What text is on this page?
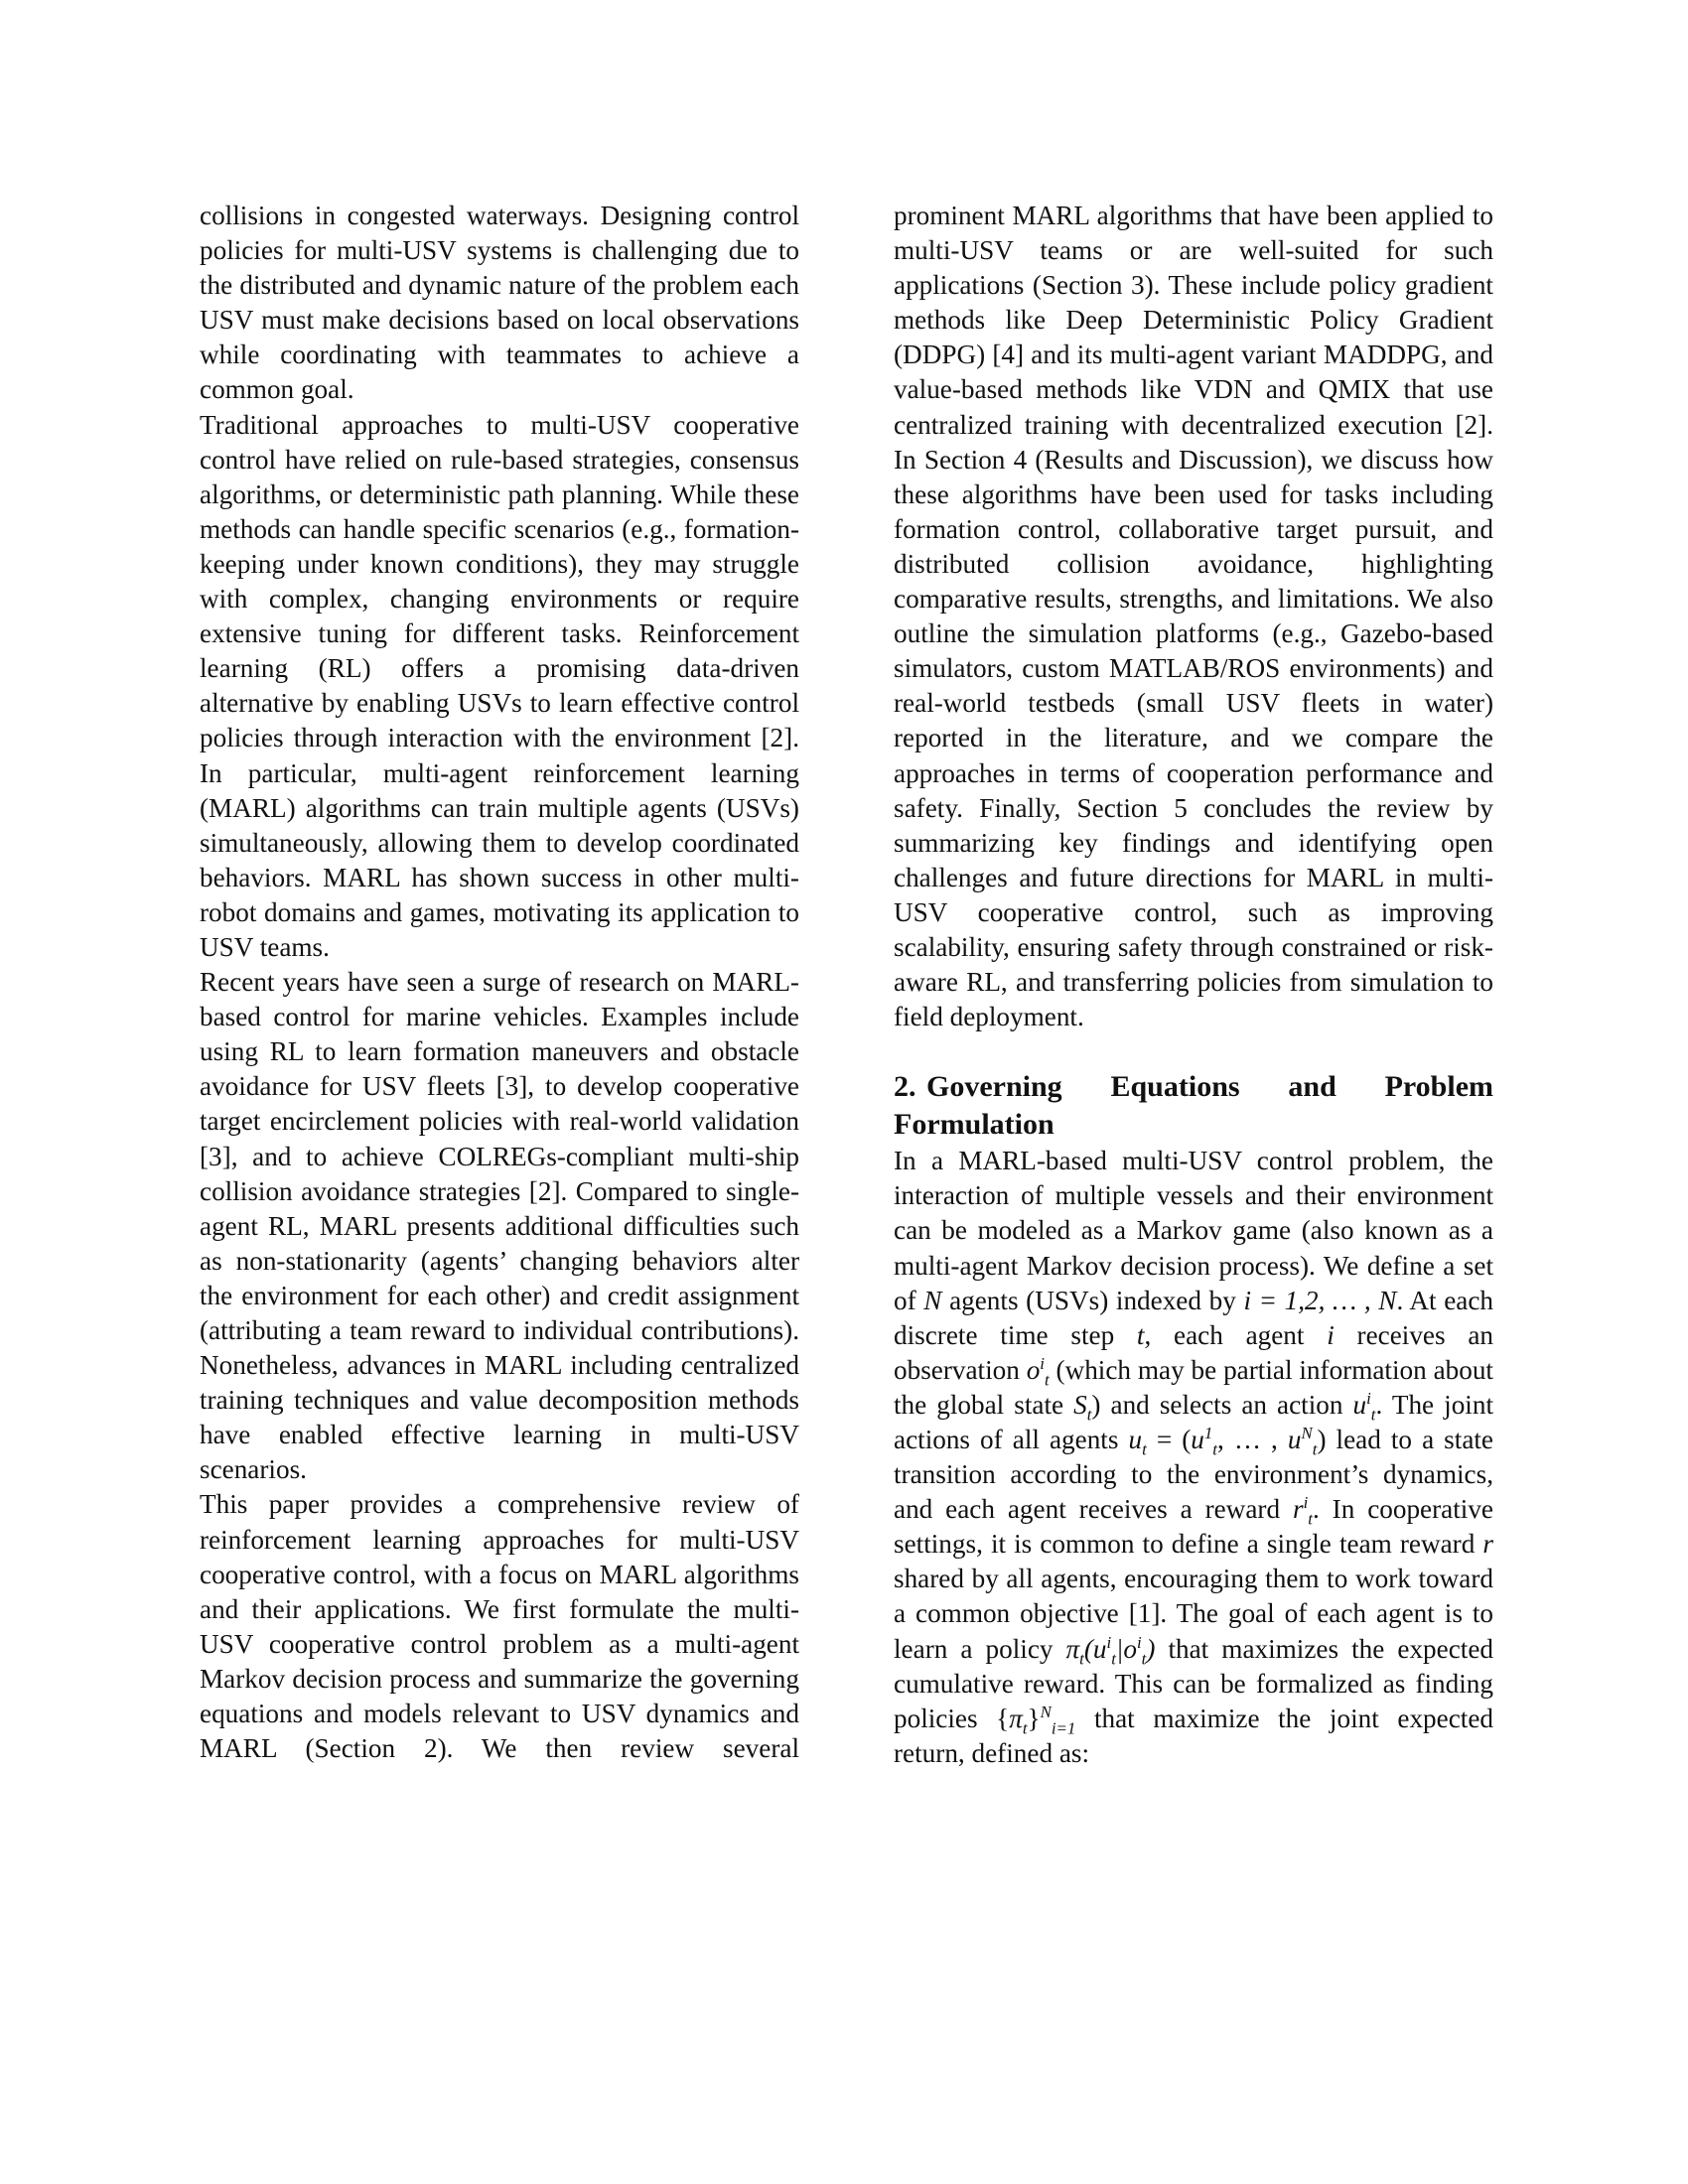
collisions in congested waterways. Designing control policies for multi-USV systems is challenging due to the distributed and dynamic nature of the problem each USV must make decisions based on local observations while coordinating with teammates to achieve a common goal.

Traditional approaches to multi-USV cooperative control have relied on rule-based strategies, consensus algorithms, or deterministic path planning. While these methods can handle specific scenarios (e.g., formation-keeping under known conditions), they may struggle with complex, changing environments or require extensive tuning for different tasks. Reinforcement learning (RL) offers a promising data-driven alternative by enabling USVs to learn effective control policies through interaction with the environment [2]. In particular, multi-agent reinforcement learning (MARL) algorithms can train multiple agents (USVs) simultaneously, allowing them to develop coordinated behaviors. MARL has shown success in other multi-robot domains and games, motivating its application to USV teams.

Recent years have seen a surge of research on MARL-based control for marine vehicles. Examples include using RL to learn formation maneuvers and obstacle avoidance for USV fleets [3], to develop cooperative target encirclement policies with real-world validation [3], and to achieve COLREGs-compliant multi-ship collision avoidance strategies [2]. Compared to single-agent RL, MARL presents additional difficulties such as non-stationarity (agents’ changing behaviors alter the environment for each other) and credit assignment (attributing a team reward to individual contributions). Nonetheless, advances in MARL including centralized training techniques and value decomposition methods have enabled effective learning in multi-USV scenarios.

This paper provides a comprehensive review of reinforcement learning approaches for multi-USV cooperative control, with a focus on MARL algorithms and their applications. We first formulate the multi-USV cooperative control problem as a multi-agent Markov decision process and summarize the governing equations and models relevant to USV dynamics and MARL (Section 2). We then review several

prominent MARL algorithms that have been applied to multi-USV teams or are well-suited for such applications (Section 3). These include policy gradient methods like Deep Deterministic Policy Gradient (DDPG) [4] and its multi-agent variant MADDPG, and value-based methods like VDN and QMIX that use centralized training with decentralized execution [2]. In Section 4 (Results and Discussion), we discuss how these algorithms have been used for tasks including formation control, collaborative target pursuit, and distributed collision avoidance, highlighting comparative results, strengths, and limitations. We also outline the simulation platforms (e.g., Gazebo-based simulators, custom MATLAB/ROS environments) and real-world testbeds (small USV fleets in water) reported in the literature, and we compare the approaches in terms of cooperation performance and safety. Finally, Section 5 concludes the review by summarizing key findings and identifying open challenges and future directions for MARL in multi-USV cooperative control, such as improving scalability, ensuring safety through constrained or risk-aware RL, and transferring policies from simulation to field deployment.

2. Governing Equations and Problem Formulation

In a MARL-based multi-USV control problem, the interaction of multiple vessels and their environment can be modeled as a Markov game (also known as a multi-agent Markov decision process). We define a set of N agents (USVs) indexed by i = 1,2, … , N. At each discrete time step t, each agent i receives an observation $o^i_t$ (which may be partial information about the global state $S_t$) and selects an action $u^i_t$. The joint actions of all agents $u_t = (u^1_t$, … , $u^N_t$) lead to a state transition according to the environment’s dynamics, and each agent receives a reward $r^i_t$. In cooperative settings, it is common to define a single team reward r shared by all agents, encouraging them to work toward a common objective [1]. The goal of each agent is to learn a policy $\pi_t(u^i_t|o^i_t)$ that maximizes the expected cumulative reward. This can be formalized as finding policies $\{\pi_t\}^N_{i=1}$ that maximize the joint expected return, defined as:
